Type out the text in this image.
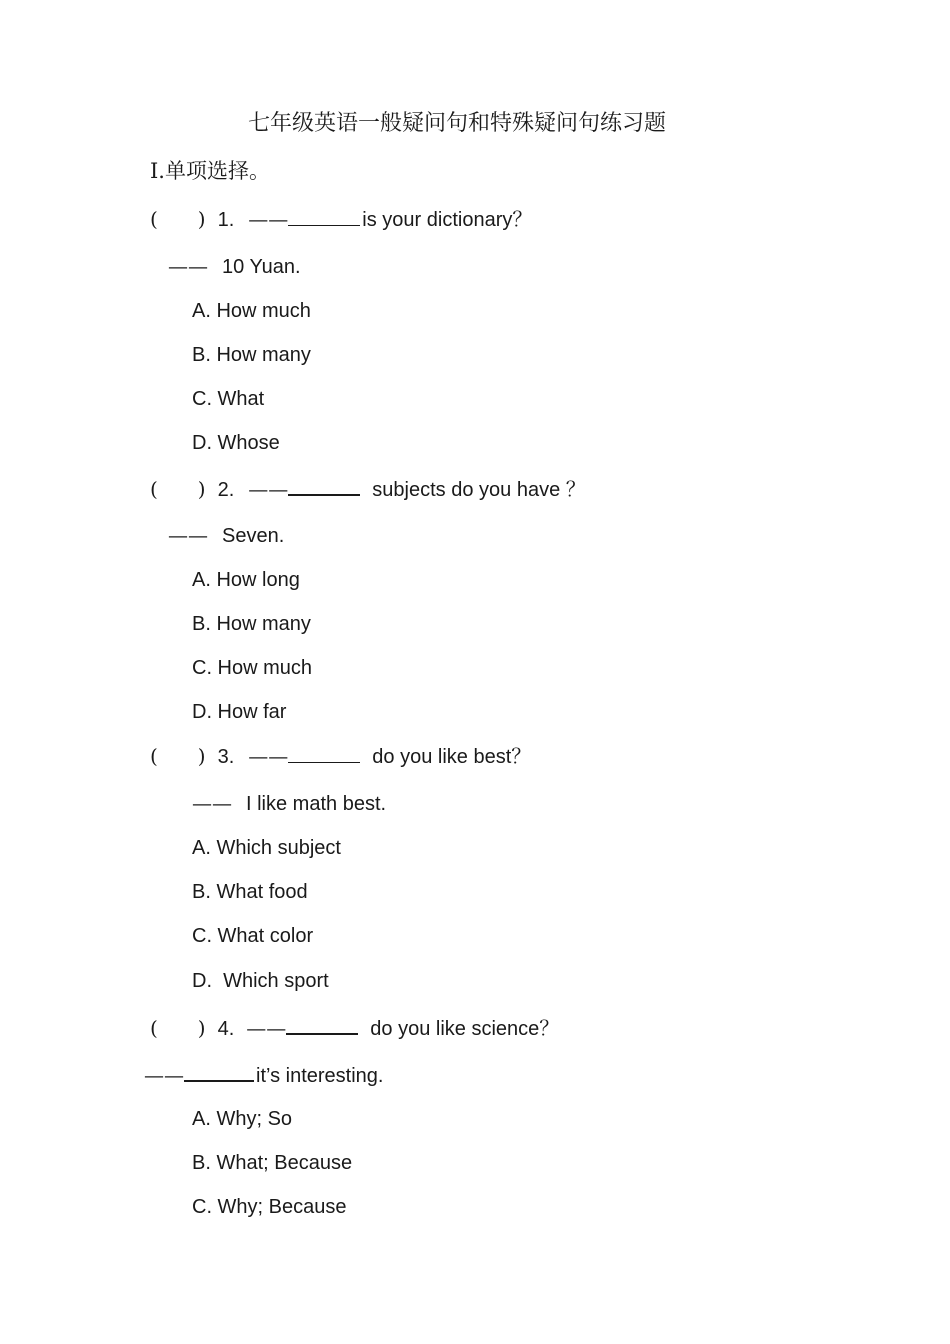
七年级英语一般疑问句和特殊疑问句练习题
Ⅰ.单项选择。
(　　) 1. ——	is your dictionary？
—— 10 Yuan.
A. How much
B. How many
C. What
D. Whose
(　　) 2. ——	subjects do you have ？
—— Seven.
A. How long
B. How many
C. How much
D. How far
(　　) 3. ——	do you like best？
—— I like math best.
A. Which subject
B. What food
C. What color
D.  Which sport
(　　) 4. ——	do you like science？
——	it’s interesting.
A. Why; So
B. What; Because
C. Why; Because
